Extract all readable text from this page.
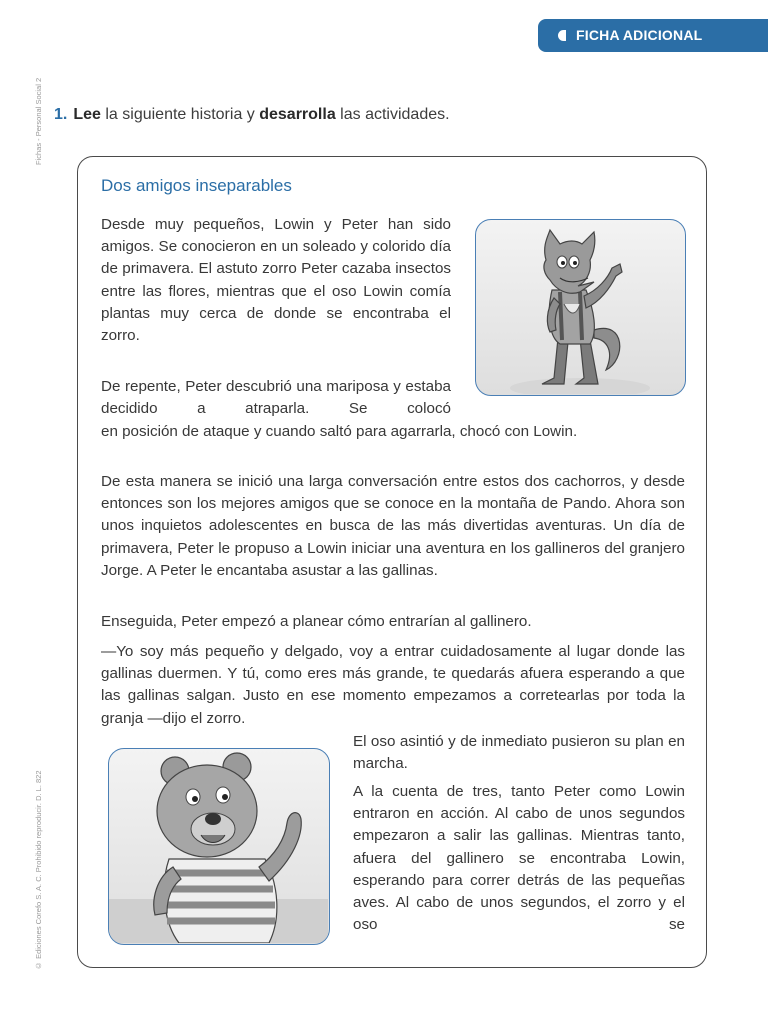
FICHA ADICIONAL
Fichas - Personal Social 2
© Ediciones Corefo S. A. C. Prohibido reproducir. D. L. 822
1. Lee la siguiente historia y desarrolla las actividades.
Dos amigos inseparables

Desde muy pequeños, Lowin y Peter han sido amigos. Se conocieron en un soleado y colorido día de primavera. El astuto zorro Peter cazaba insectos entre las flores, mientras que el oso Lowin comía plantas muy cerca de donde se encontraba el zorro.

De repente, Peter descubrió una mariposa y estaba decidido a atraparla. Se colocó

en posición de ataque y cuando saltó para agarrarla, chocó con Lowin.

De esta manera se inició una larga conversación entre estos dos cachorros, y desde entonces son los mejores amigos que se conoce en la montaña de Pando. Ahora son unos inquietos adolescentes en busca de las más divertidas aventuras. Un día de primavera, Peter le propuso a Lowin iniciar una aventura en los gallineros del granjero Jorge. A Peter le encantaba asustar a las gallinas.

Enseguida, Peter empezó a planear cómo entrarían al gallinero.

—Yo soy más pequeño y delgado, voy a entrar cuidadosamente al lugar donde las gallinas duermen. Y tú, como eres más grande, te quedarás afuera esperando a que las gallinas salgan. Justo en ese momento empezamos a corretearlas por toda la granja —dijo el zorro.

El oso asintió y de inmediato pusieron su plan en marcha.

A la cuenta de tres, tanto Peter como Lowin entraron en acción. Al cabo de unos segundos empezaron a salir las gallinas. Mientras tanto, afuera del gallinero se encontraba Lowin, esperando para correr detrás de las pequeñas aves. Al cabo de unos segundos, el zorro y el oso se
